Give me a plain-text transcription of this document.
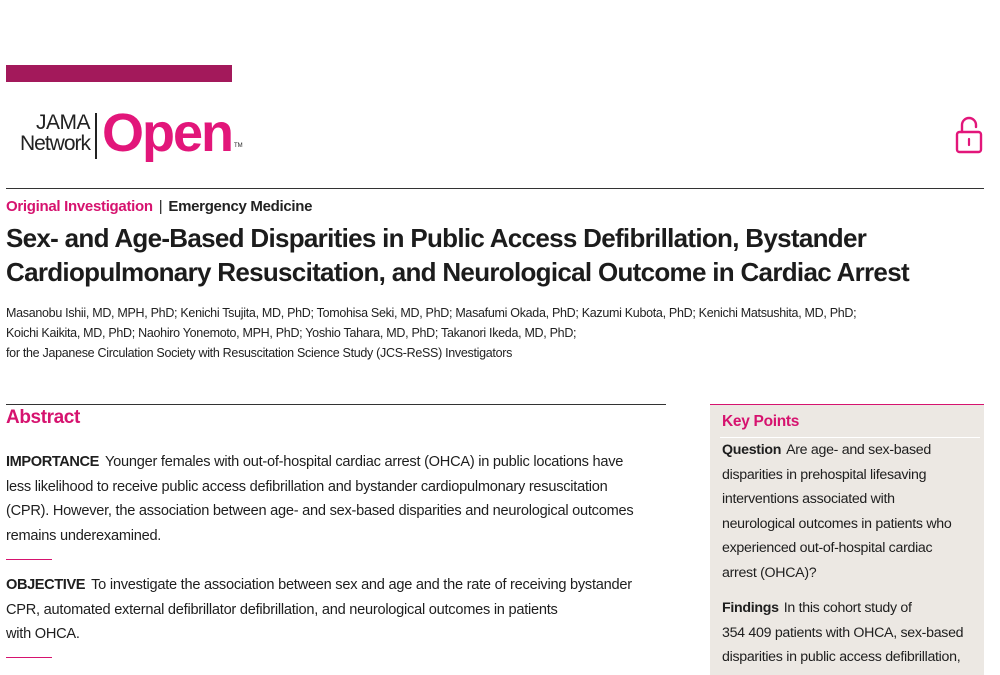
JAMA
Network Open TM
Original Investigation | Emergency Medicine
Sex- and Age-Based Disparities in Public Access Defibrillation, Bystander Cardiopulmonary Resuscitation, and Neurological Outcome in Cardiac Arrest
Masanobu Ishii, MD, MPH, PhD; Kenichi Tsujita, MD, PhD; Tomohisa Seki, MD, PhD; Masafumi Okada, PhD; Kazumi Kubota, PhD; Kenichi Matsushita, MD, PhD;
Koichi Kaikita, MD, PhD; Naohiro Yonemoto, MPH, PhD; Yoshio Tahara, MD, PhD; Takanori Ikeda, MD, PhD;
for the Japanese Circulation Society with Resuscitation Science Study (JCS-ReSS) Investigators
Abstract
IMPORTANCE Younger females with out-of-hospital cardiac arrest (OHCA) in public locations have
less likelihood to receive public access defibrillation and bystander cardiopulmonary resuscitation
(CPR). However, the association between age- and sex-based disparities and neurological outcomes
remains underexamined.
OBJECTIVE To investigate the association between sex and age and the rate of receiving bystander
CPR, automated external defibrillator defibrillation, and neurological outcomes in patients
with OHCA.
Key Points
Question Are age- and sex-based
disparities in prehospital lifesaving
interventions associated with
neurological outcomes in patients who
experienced out-of-hospital cardiac
arrest (OHCA)?
Findings In this cohort study of
354 409 patients with OHCA, sex-based
disparities in public access defibrillation,
